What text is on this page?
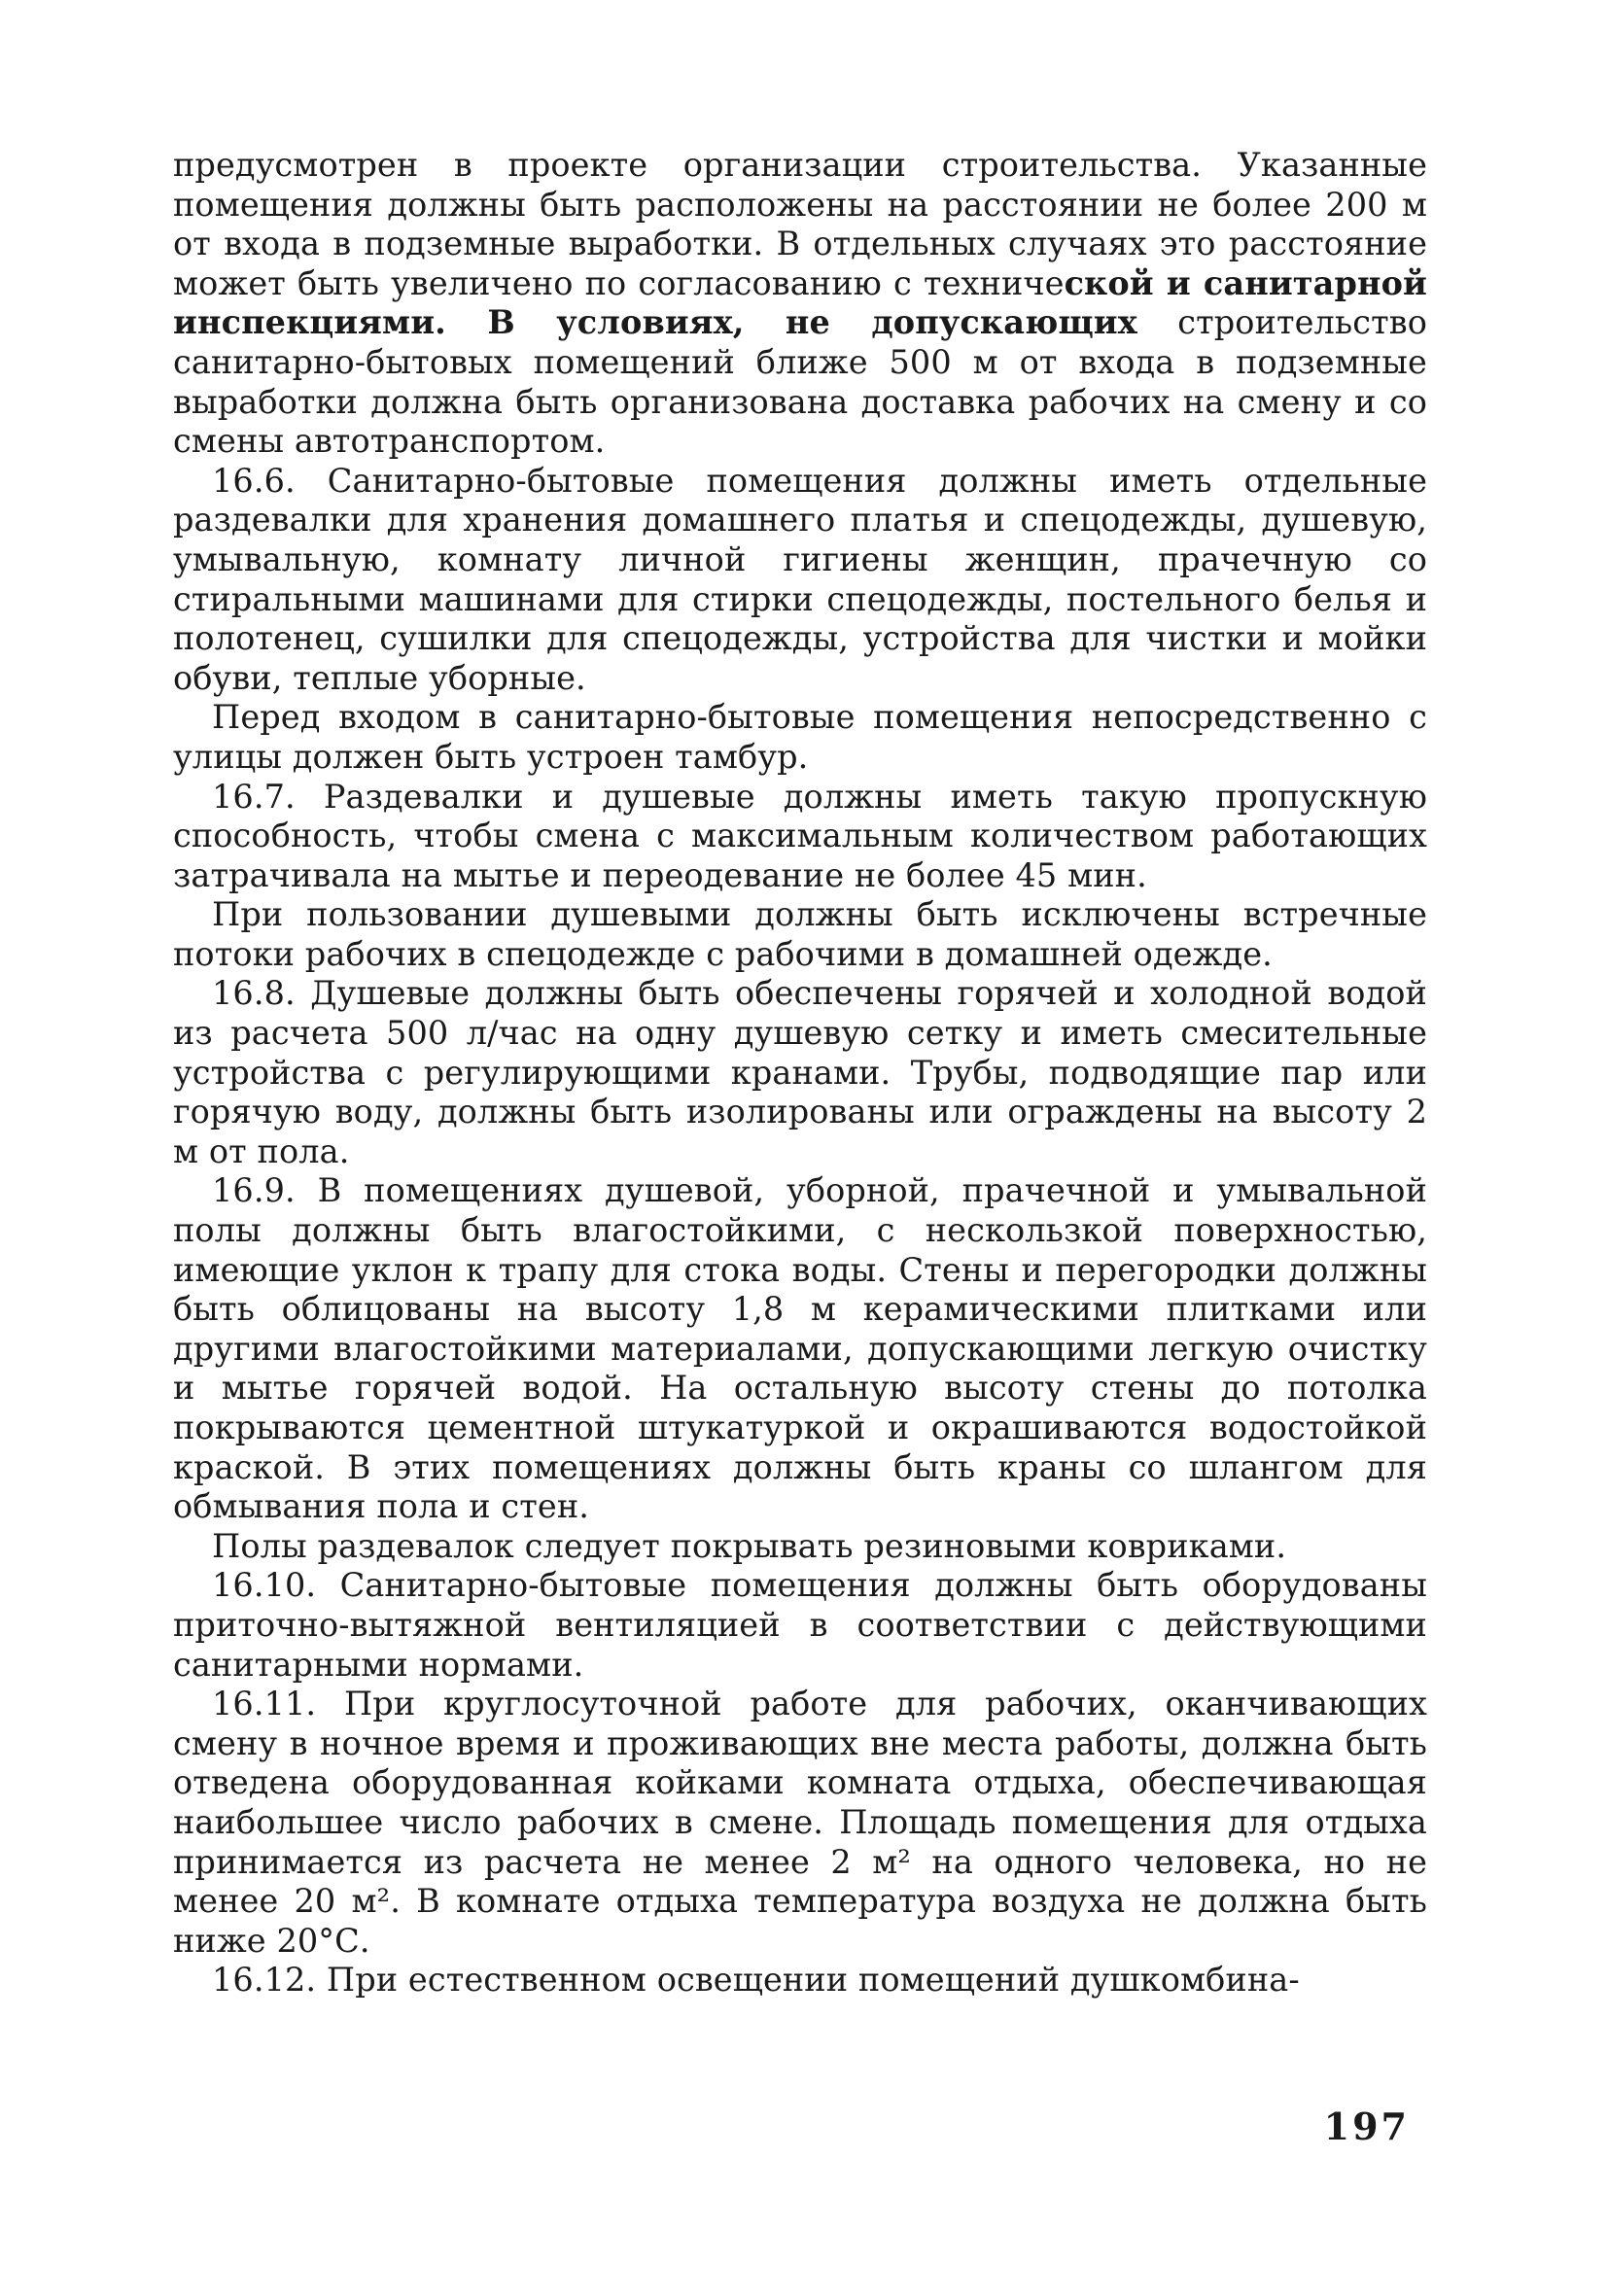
предусмотрен в проекте организации строительства. Указанные помещения должны быть расположены на расстоянии не более 200 м от входа в подземные выработки. В отдельных случаях это расстояние может быть увеличено по согласованию с технической и санитарной инспекциями. В условиях, не допускающих строительство санитарно-бытовых помещений ближе 500 м от входа в подземные выработки должна быть организована доставка рабочих на смену и со смены автотранспортом.

16.6. Санитарно-бытовые помещения должны иметь отдельные раздевалки для хранения домашнего платья и спецодежды, душевую, умывальную, комнату личной гигиены женщин, прачечную со стиральными машинами для стирки спецодежды, постельного белья и полотенец, сушилки для спецодежды, устройства для чистки и мойки обуви, теплые уборные.

Перед входом в санитарно-бытовые помещения непосредственно с улицы должен быть устроен тамбур.

16.7. Раздевалки и душевые должны иметь такую пропускную способность, чтобы смена с максимальным количеством работающих затрачивала на мытье и переодевание не более 45 мин.

При пользовании душевыми должны быть исключены встречные потоки рабочих в спецодежде с рабочими в домашней одежде.

16.8. Душевые должны быть обеспечены горячей и холодной водой из расчета 500 л/час на одну душевую сетку и иметь смесительные устройства с регулирующими кранами. Трубы, подводящие пар или горячую воду, должны быть изолированы или ограждены на высоту 2 м от пола.

16.9. В помещениях душевой, уборной, прачечной и умывальной полы должны быть влагостойкими, с нескользкой поверхностью, имеющие уклон к трапу для стока воды. Стены и перегородки должны быть облицованы на высоту 1,8 м керамическими плитками или другими влагостойкими материалами, допускающими легкую очистку и мытье горячей водой. На остальную высоту стены до потолка покрываются цементной штукатуркой и окрашиваются водостойкой краской. В этих помещениях должны быть краны со шлангом для обмывания пола и стен.

Полы раздевалок следует покрывать резиновыми ковриками.

16.10. Санитарно-бытовые помещения должны быть оборудованы приточно-вытяжной вентиляцией в соответствии с действующими санитарными нормами.

16.11. При круглосуточной работе для рабочих, оканчивающих смену в ночное время и проживающих вне места работы, должна быть отведена оборудованная койками комната отдыха, обеспечивающая наибольшее число рабочих в смене. Площадь помещения для отдыха принимается из расчета не менее 2 м² на одного человека, но не менее 20 м². В комнате отдыха температура воздуха не должна быть ниже 20°С.

16.12. При естественном освещении помещений душкомбина-

197
